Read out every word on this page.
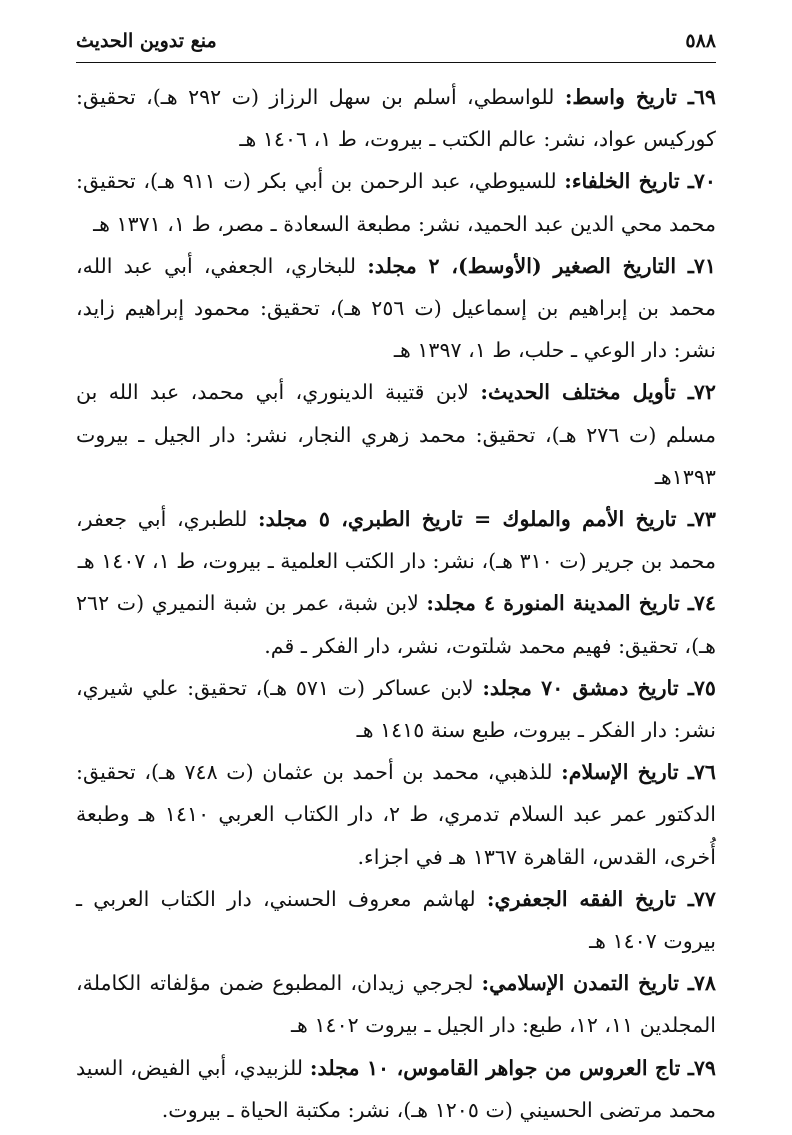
٥٨٨
منع تدوين الحديث

٦٩ـ تاريخ واسط: للواسطي، أسلم بن سهل الرزاز (ت ٢٩٢ هـ)، تحقيق: كوركيس عواد، نشر: عالم الكتب ـ بيروت، ط ١، ١٤٠٦ هـ

٧٠ـ تاريخ الخلفاء: للسيوطي، عبد الرحمن بن أبي بكر (ت ٩١١ هـ)، تحقيق: محمد محي الدين عبد الحميد، نشر: مطبعة السعادة ـ مصر، ط ١، ١٣٧١ هـ

٧١ـ التاريخ الصغير (الأوسط)، ٢ مجلد: للبخاري، الجعفي، أبي عبد الله، محمد بن إبراهيم بن إسماعيل (ت ٢٥٦ هـ)، تحقيق: محمود إبراهيم زايد، نشر: دار الوعي ـ حلب، ط ١، ١٣٩٧ هـ

٧٢ـ تأويل مختلف الحديث: لابن قتيبة الدينوري، أبي محمد، عبد الله بن مسلم (ت ٢٧٦ هـ)، تحقيق: محمد زهري النجار، نشر: دار الجيل ـ بيروت ١٣٩٣هـ

٧٣ـ تاريخ الأمم والملوك = تاريخ الطبري، ٥ مجلد: للطبري، أبي جعفر، محمد بن جرير (ت ٣١٠ هـ)، نشر: دار الكتب العلمية ـ بيروت، ط ١، ١٤٠٧ هـ

٧٤ـ تاريخ المدينة المنورة ٤ مجلد: لابن شبة، عمر بن شبة النميري (ت ٢٦٢ هـ)، تحقيق: فهيم محمد شلتوت، نشر، دار الفكر ـ قم.

٧٥ـ تاريخ دمشق ٧٠ مجلد: لابن عساكر (ت ٥٧١ هـ)، تحقيق: علي شيري، نشر: دار الفكر ـ بيروت، طبع سنة ١٤١٥ هـ

٧٦ـ تاريخ الإسلام: للذهبي، محمد بن أحمد بن عثمان (ت ٧٤٨ هـ)، تحقيق: الدكتور عمر عبد السلام تدمري، ط ٢، دار الكتاب العربي ١٤١٠ هـ وطبعة أُخرى، القدس، القاهرة ١٣٦٧ هـ في اجزاء.

٧٧ـ تاريخ الفقه الجعفري: لهاشم معروف الحسني، دار الكتاب العربي ـ بيروت ١٤٠٧ هـ

٧٨ـ تاريخ التمدن الإسلامي: لجرجي زيدان، المطبوع ضمن مؤلفاته الكاملة، المجلدين ١١، ١٢، طبع: دار الجيل ـ بيروت ١٤٠٢ هـ

٧٩ـ تاج العروس من جواهر القاموس، ١٠ مجلد: للزبيدي، أبي الفيض، السيد محمد مرتضى الحسيني (ت ١٢٠٥ هـ)، نشر: مكتبة الحياة ـ بيروت.
